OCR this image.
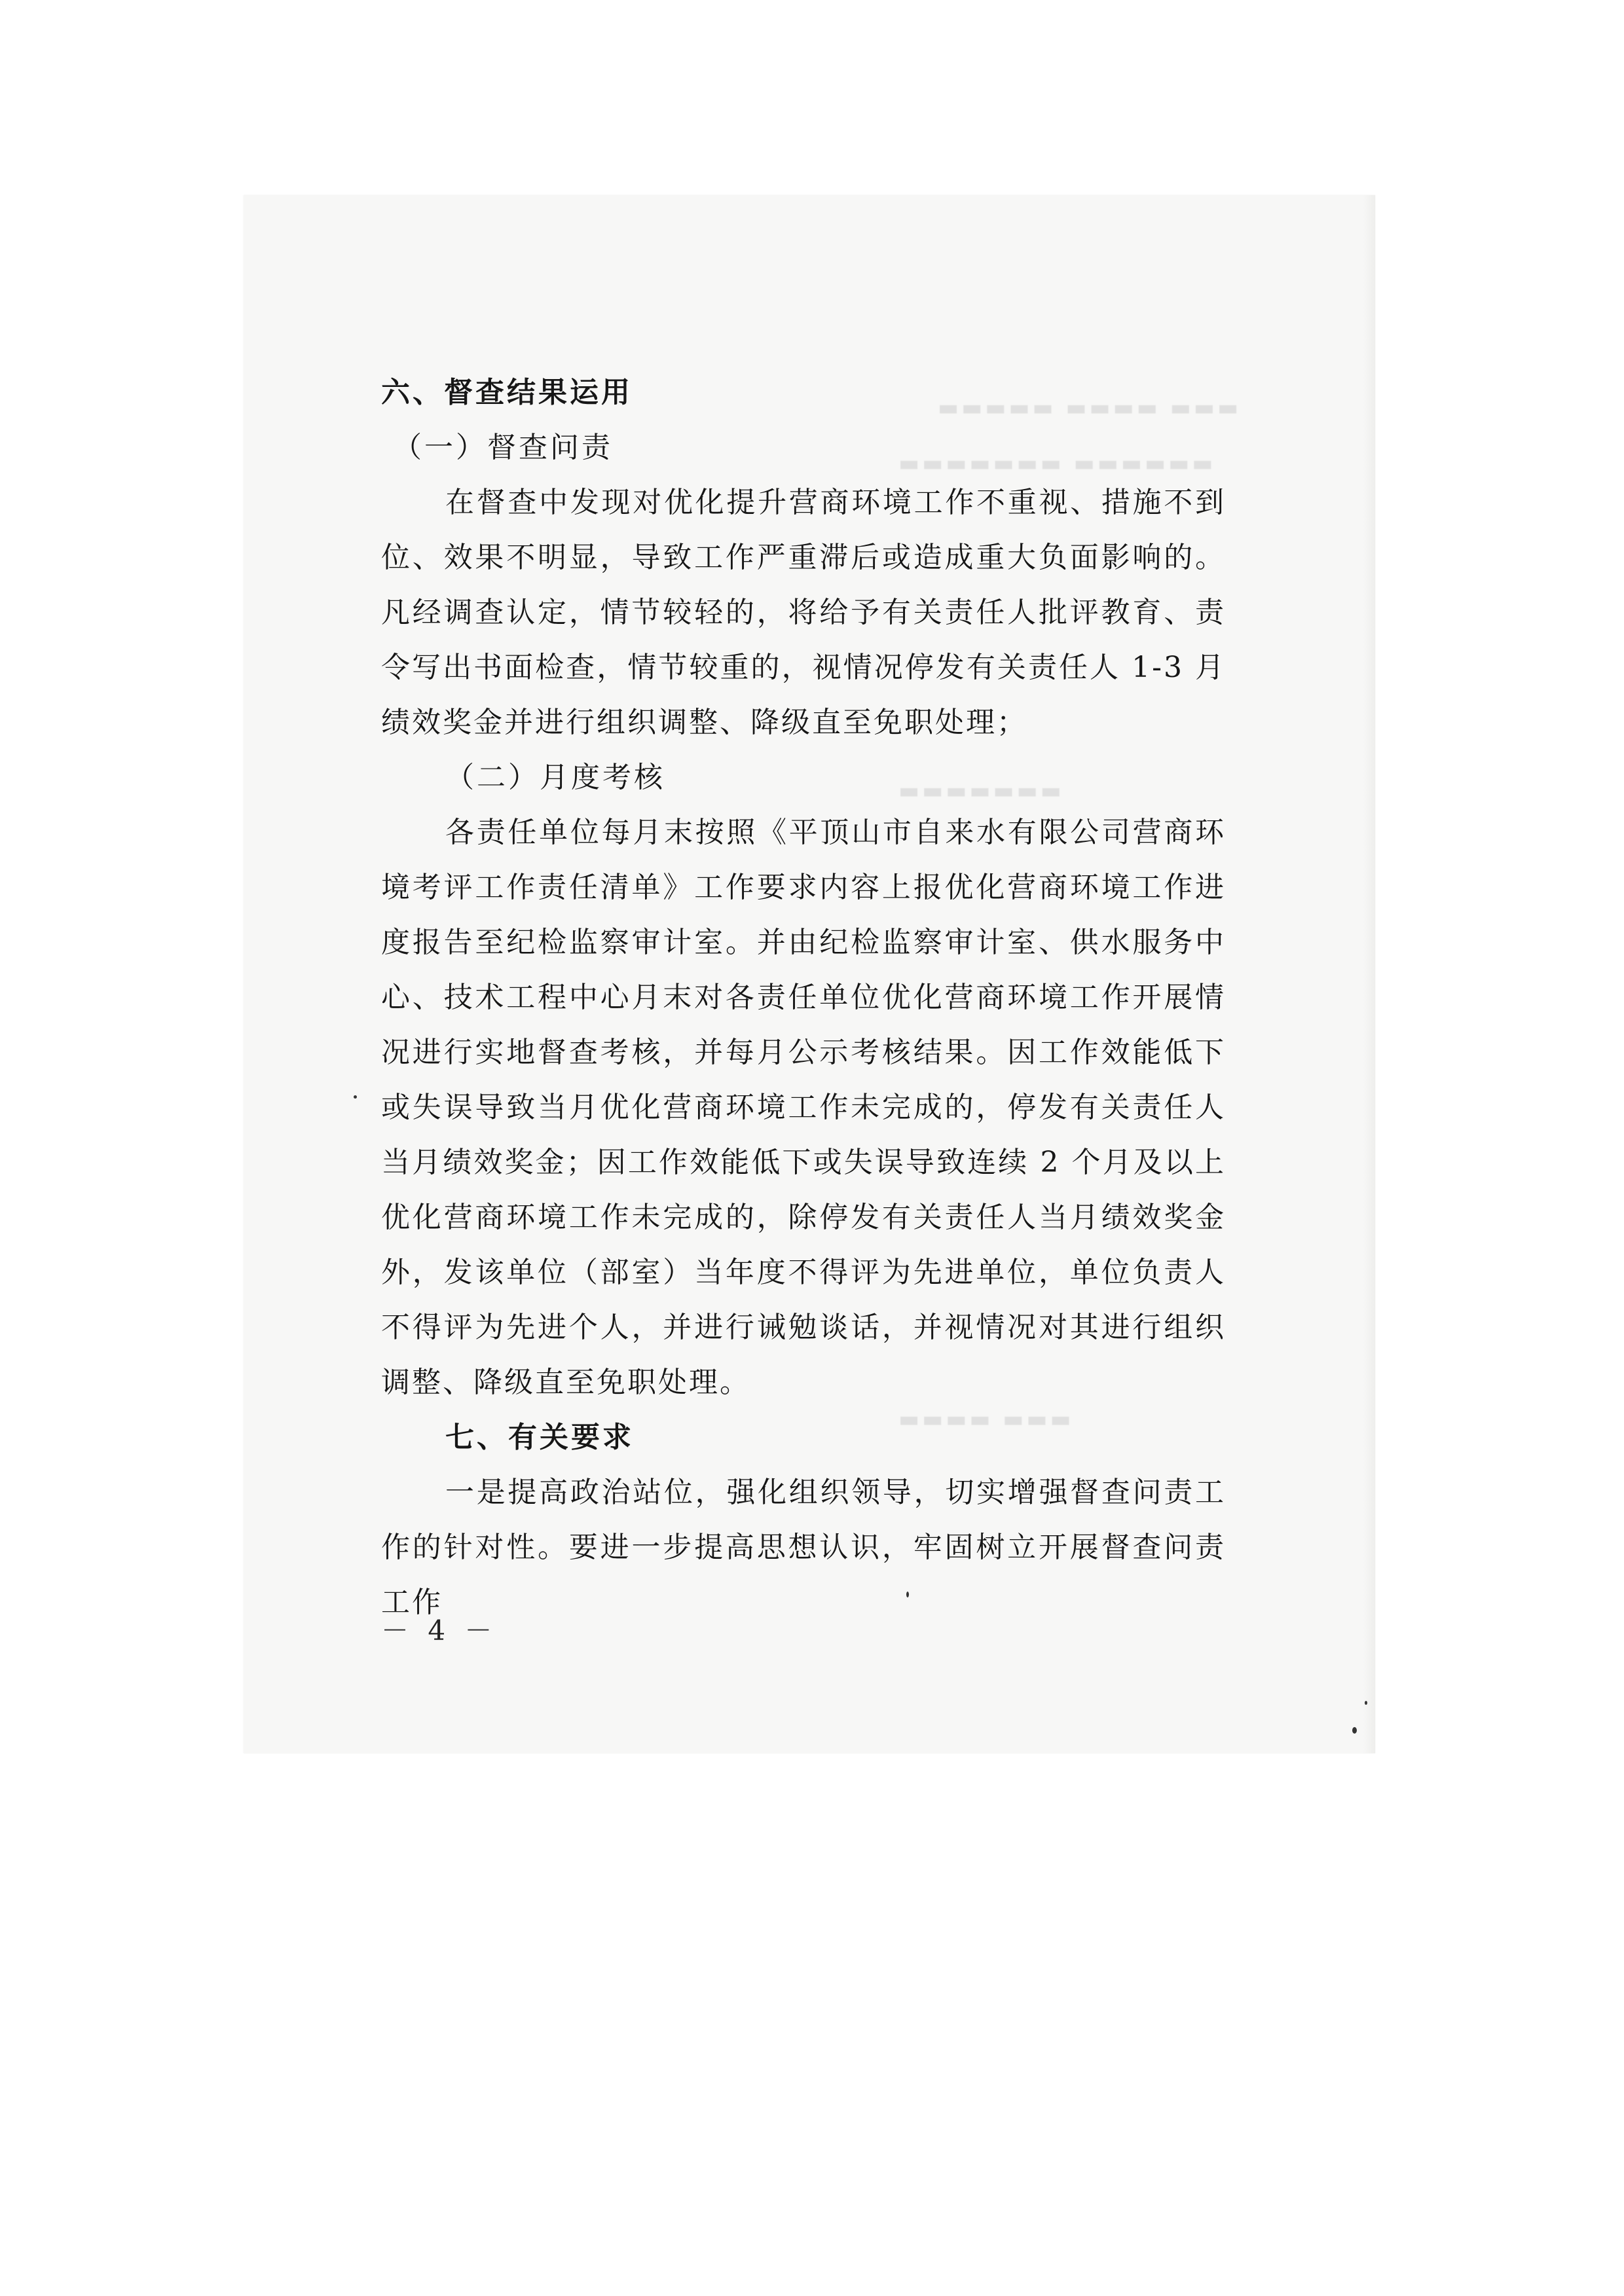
▬▬▬▬▬ ▬▬▬▬ ▬▬▬
▬▬▬▬▬▬▬ ▬▬▬▬▬▬
▬▬▬▬▬▬▬
▬▬▬▬ ▬▬▬

六、督查结果运用

（一）督查问责

在督查中发现对优化提升营商环境工作不重视、措施不到位、效果不明显，导致工作严重滞后或造成重大负面影响的。凡经调查认定，情节较轻的，将给予有关责任人批评教育、责令写出书面检查，情节较重的，视情况停发有关责任人 1-3 月绩效奖金并进行组织调整、降级直至免职处理；

（二）月度考核

各责任单位每月末按照《平顶山市自来水有限公司营商环境考评工作责任清单》工作要求内容上报优化营商环境工作进度报告至纪检监察审计室。并由纪检监察审计室、供水服务中心、技术工程中心月末对各责任单位优化营商环境工作开展情况进行实地督查考核，并每月公示考核结果。因工作效能低下或失误导致当月优化营商环境工作未完成的，停发有关责任人当月绩效奖金；因工作效能低下或失误导致连续 2 个月及以上优化营商环境工作未完成的，除停发有关责任人当月绩效奖金外，发该单位（部室）当年度不得评为先进单位，单位负责人不得评为先进个人，并进行诫勉谈话，并视情况对其进行组织调整、降级直至免职处理。

七、有关要求

一是提高政治站位，强化组织领导，切实增强督查问责工作的针对性。要进一步提高思想认识，牢固树立开展督查问责工作

－ 4 －
